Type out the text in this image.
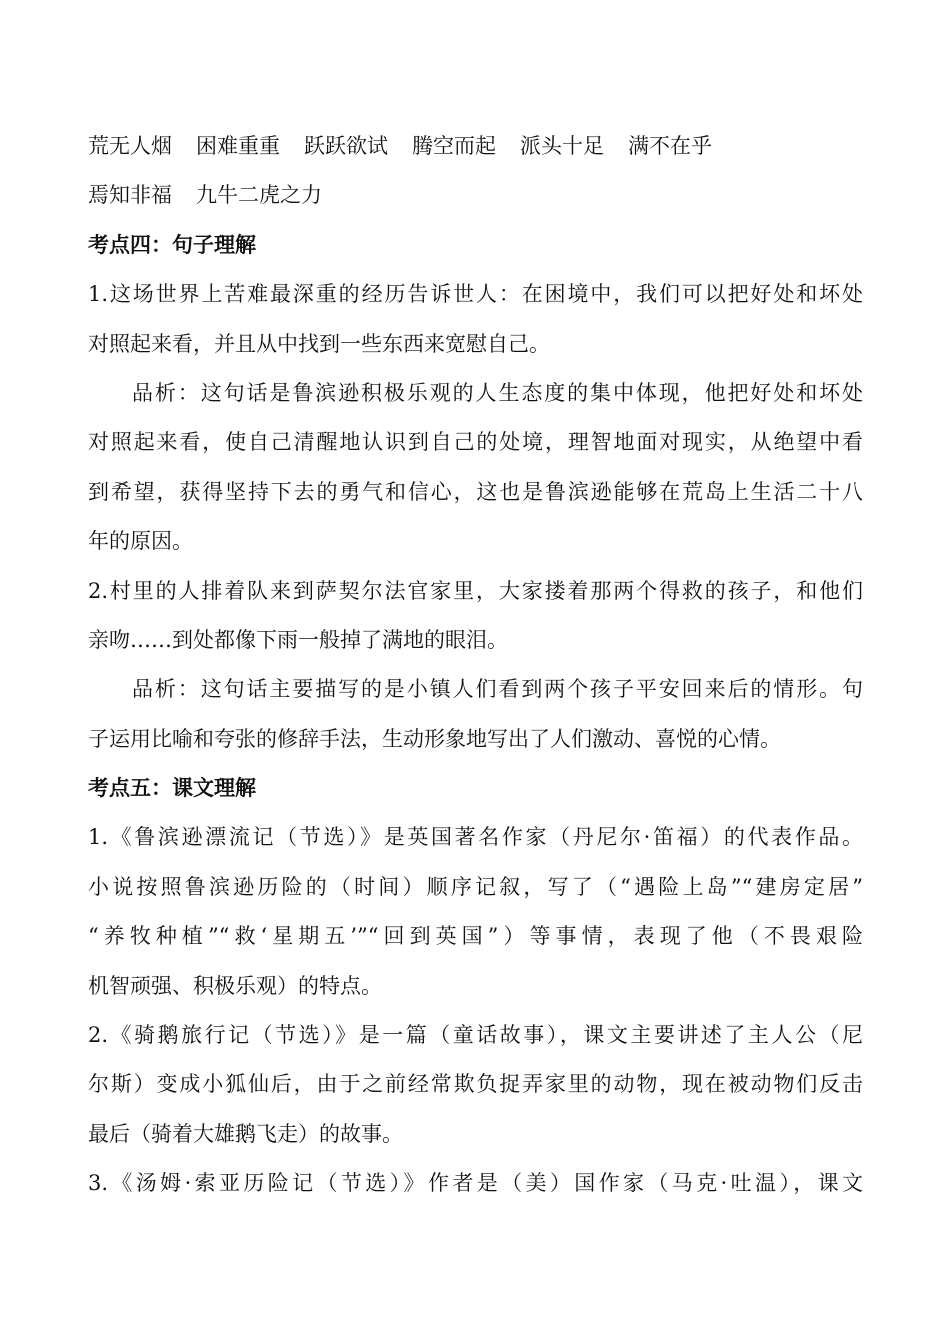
荒无人烟 困难重重 跃跃欲试 腾空而起 派头十足 满不在乎
焉知非福 九牛二虎之力
考点四：句子理解
1.这场世界上苦难最深重的经历告诉世人：在困境中，我们可以把好处和坏处
对照起来看，并且从中找到一些东西来宽慰自己。
品析：这句话是鲁滨逊积极乐观的人生态度的集中体现，他把好处和坏处
对照起来看，使自己清醒地认识到自己的处境，理智地面对现实，从绝望中看
到希望，获得坚持下去的勇气和信心，这也是鲁滨逊能够在荒岛上生活二十八
年的原因。
2.村里的人排着队来到萨契尔法官家里，大家搂着那两个得救的孩子，和他们
亲吻……到处都像下雨一般掉了满地的眼泪。
品析：这句话主要描写的是小镇人们看到两个孩子平安回来后的情形。句
子运用比喻和夸张的修辞手法，生动形象地写出了人们激动、喜悦的心情。
考点五：课文理解
1.《鲁滨逊漂流记（节选）》是英国著名作家（丹尼尔·笛福）的代表作品。
小说按照鲁滨逊历险的（时间）顺序记叙，写了（“遇险上岛”“建房定居”
“养牧种植”“救‘星期五’”“回到英国”）等事情，表现了他（不畏艰险
机智顽强、积极乐观）的特点。
2.《骑鹅旅行记（节选）》是一篇（童话故事），课文主要讲述了主人公（尼
尔斯）变成小狐仙后，由于之前经常欺负捉弄家里的动物，现在被动物们反击
最后（骑着大雄鹅飞走）的故事。
3.《汤姆·索亚历险记（节选）》作者是（美）国作家（马克·吐温），课文
